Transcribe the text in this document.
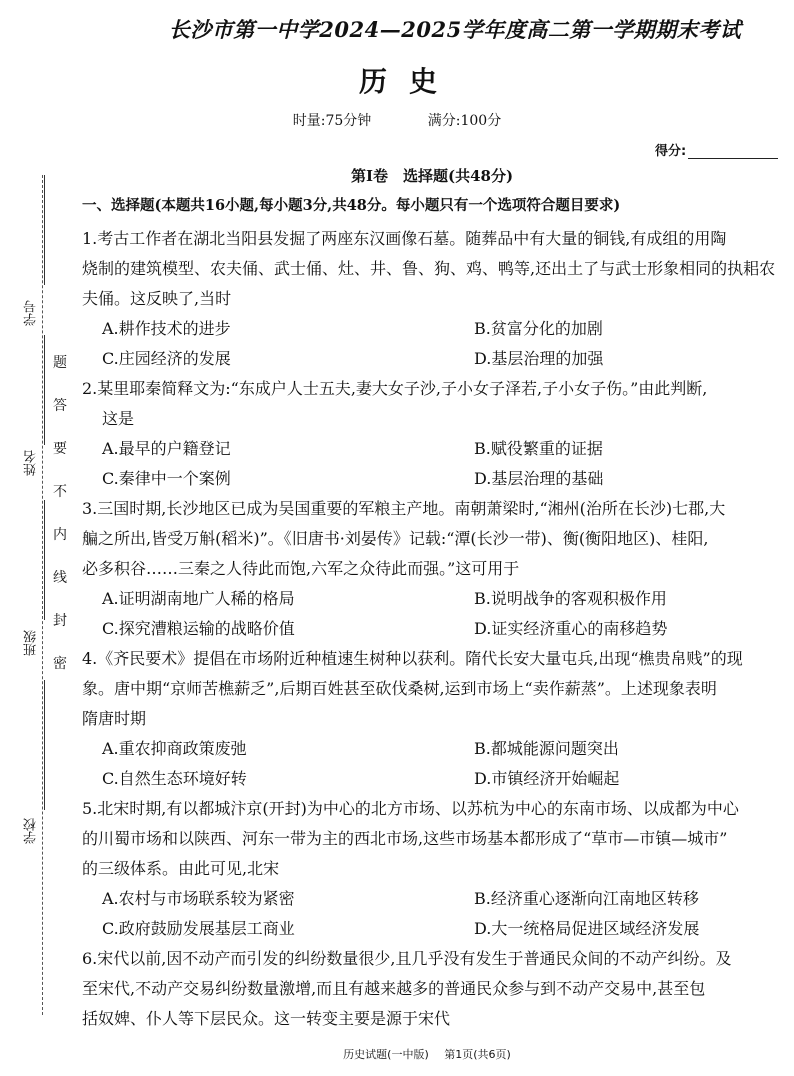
学号
姓名
班级
学校
题
答
要
不
内
线
封
密
长沙市第一中学2024—2025学年度高二第一学期期末考试
历史
时量:75分钟	满分:100分
得分:
第Ⅰ卷　选择题(共48分)
一、选择题(本题共16小题,每小题3分,共48分。每小题只有一个选项符合题目要求)

1.考古工作者在湖北当阳县发掘了两座东汉画像石墓。随葬品中有大量的铜钱,有成组的用陶

烧制的建筑模型、农夫俑、武士俑、灶、井、鲁、狗、鸡、鸭等,还出土了与武士形象相同的执耜农

夫俑。这反映了,当时

A.耕作技术的进步	B.贫富分化的加剧
C.庄园经济的发展	D.基层治理的加强

2.某里耶秦简释文为:“东成户人士五夫,妻大女子沙,子小女子泽若,子小女子伤。”由此判断,

这是

A.最早的户籍登记	B.赋役繁重的证据
C.秦律中一个案例	D.基层治理的基础

3.三国时期,长沙地区已成为吴国重要的军粮主产地。南朝萧梁时,“湘州(治所在长沙)七郡,大

艑之所出,皆受万斛(稻米)”。《旧唐书·刘晏传》记载:“潭(长沙一带)、衡(衡阳地区)、桂阳,

必多积谷……三秦之人待此而饱,六军之众待此而强。”这可用于

A.证明湖南地广人稀的格局	B.说明战争的客观积极作用
C.探究漕粮运输的战略价值	D.证实经济重心的南移趋势

4.《齐民要术》提倡在市场附近种植速生树种以获利。隋代长安大量屯兵,出现“樵贵帛贱”的现

象。唐中期“京师苦樵薪乏”,后期百姓甚至砍伐桑树,运到市场上“卖作薪蒸”。上述现象表明

隋唐时期

A.重农抑商政策废弛	B.都城能源问题突出
C.自然生态环境好转	D.市镇经济开始崛起

5.北宋时期,有以都城汴京(开封)为中心的北方市场、以苏杭为中心的东南市场、以成都为中心

的川蜀市场和以陕西、河东一带为主的西北市场,这些市场基本都形成了“草市—市镇—城市”

的三级体系。由此可见,北宋

A.农村与市场联系较为紧密	B.经济重心逐渐向江南地区转移
C.政府鼓励发展基层工商业	D.大一统格局促进区域经济发展

6.宋代以前,因不动产而引发的纠纷数量很少,且几乎没有发生于普通民众间的不动产纠纷。及

至宋代,不动产交易纠纷数量激增,而且有越来越多的普通民众参与到不动产交易中,甚至包

括奴婢、仆人等下层民众。这一转变主要是源于宋代

历史试题(一中版) 第1页(共6页)
